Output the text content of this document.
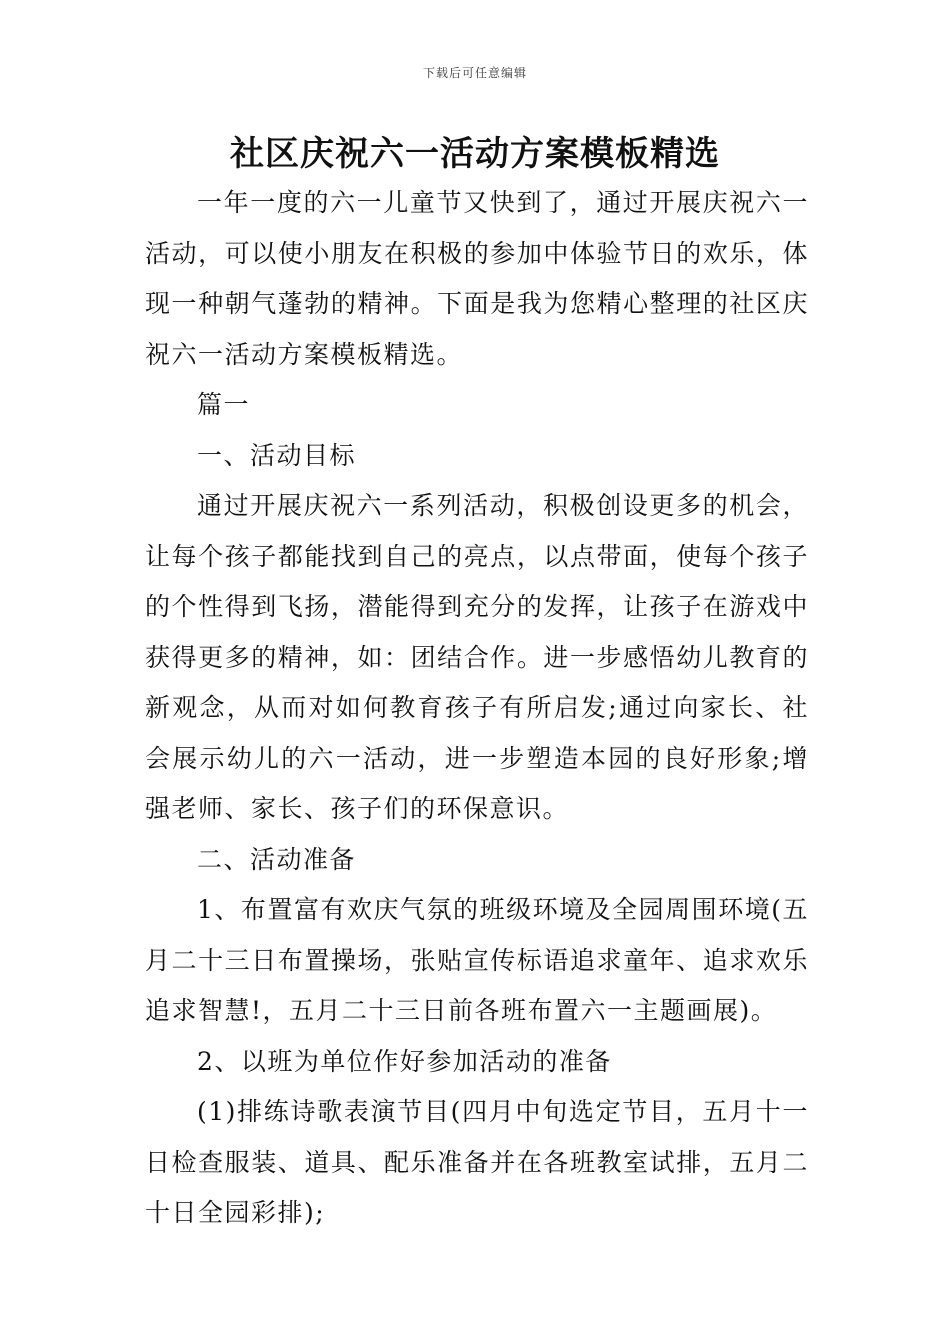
下载后可任意编辑
社区庆祝六一活动方案模板精选

一年一度的六一儿童节又快到了，通过开展庆祝六一活动，可以使小朋友在积极的参加中体验节日的欢乐，体现一种朝气蓬勃的精神。下面是我为您精心整理的社区庆祝六一活动方案模板精选。

篇一

一、活动目标

通过开展庆祝六一系列活动，积极创设更多的机会，让每个孩子都能找到自己的亮点，以点带面，使每个孩子的个性得到飞扬，潜能得到充分的发挥，让孩子在游戏中获得更多的精神，如：团结合作。进一步感悟幼儿教育的新观念，从而对如何教育孩子有所启发;通过向家长、社会展示幼儿的六一活动，进一步塑造本园的良好形象;增强老师、家长、孩子们的环保意识。

二、活动准备

1、布置富有欢庆气氛的班级环境及全园周围环境(五月二十三日布置操场，张贴宣传标语追求童年、追求欢乐追求智慧!，五月二十三日前各班布置六一主题画展)。

2、以班为单位作好参加活动的准备

(1)排练诗歌表演节目(四月中旬选定节目，五月十一日检查服装、道具、配乐准备并在各班教室试排，五月二十日全园彩排);
